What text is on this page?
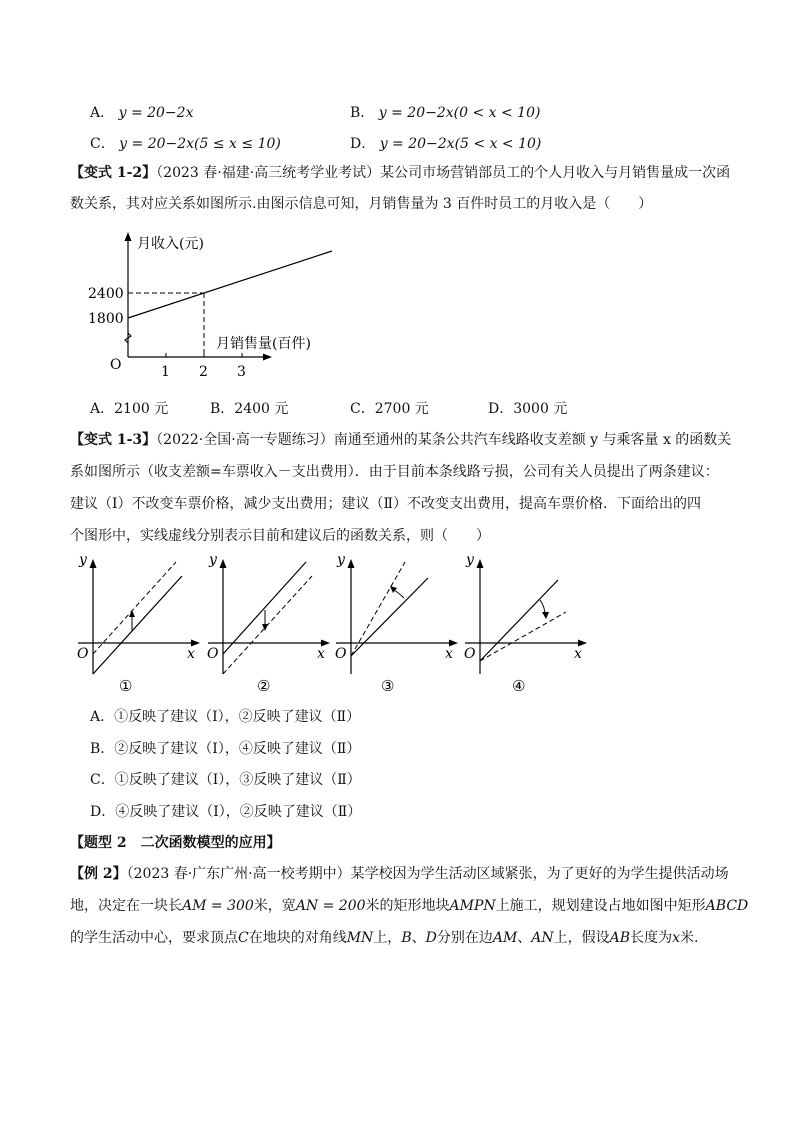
A． y = 20−2x	B． y = 20−2x(0 < x < 10)
C． y = 20−2x(5 ≤ x ≤ 10)	D． y = 20−2x(5 < x < 10)
【变式 1-2】（2023 春·福建·高三统考学业考试）某公司市场营销部员工的个人月收入与月销售量成一次函
数关系，其对应关系如图所示.由图示信息可知，月销售量为 3 百件时员工的月收入是（　　）
月收入(元)
月销售量(百件)
2400
1800
O	1 2 3
A．2100 元	B．2400 元	C．2700 元	D．3000 元
【变式 1-3】（2022·全国·高一专题练习）南通至通州的某条公共汽车线路收支差额 y 与乘客量 x 的函数关
系如图所示（收支差额=车票收入－支出费用）．由于目前本条线路亏损，公司有关人员提出了两条建议：
建议（Ⅰ）不改变车票价格，减少支出费用；建议（Ⅱ）不改变支出费用，提高车票价格．下面给出的四
个图形中，实线虚线分别表示目前和建议后的函数关系，则（　　）
y
x
O
①
y
x
O
②
y
x
O
③
y
x
O
④
A．①反映了建议（Ⅰ），②反映了建议（Ⅱ）
B．②反映了建议（Ⅰ），④反映了建议（Ⅱ）
C．①反映了建议（Ⅰ），③反映了建议（Ⅱ）
D．④反映了建议（Ⅰ），②反映了建议（Ⅱ）
【题型 2　二次函数模型的应用】
【例 2】（2023 春·广东广州·高一校考期中）某学校因为学生活动区域紧张，为了更好的为学生提供活动场
地，决定在一块长AM = 300米，宽AN = 200米的矩形地块AMPN上施工，规划建设占地如图中矩形ABCD
的学生活动中心，要求顶点C在地块的对角线MN上，B、D分别在边AM、AN上，假设AB长度为x米.
